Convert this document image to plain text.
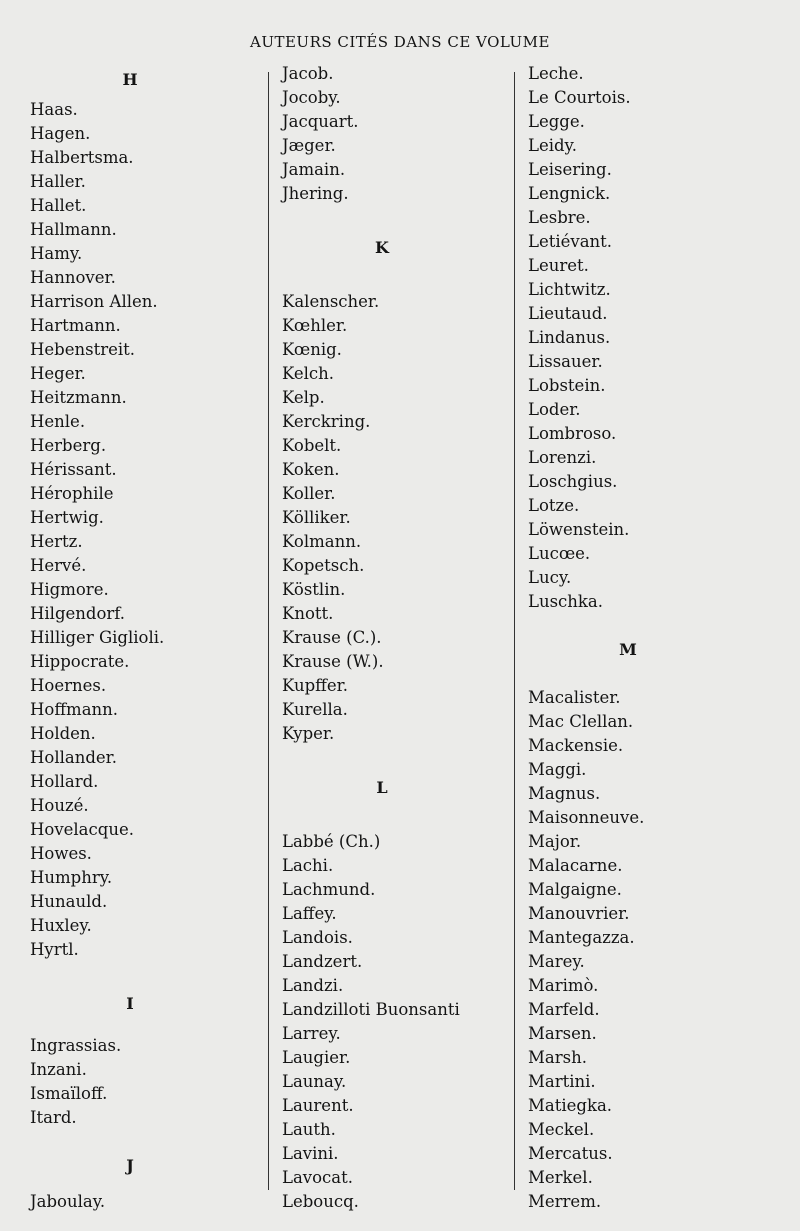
AUTEURS CITÉS DANS CE VOLUME
H
Haas.
Hagen.
Halbertsma.
Haller.
Hallet.
Hallmann.
Hamy.
Hannover.
Harrison Allen.
Hartmann.
Hebenstreit.
Heger.
Heitzmann.
Henle.
Herberg.
Hérissant.
Hérophile
Hertwig.
Hertz.
Hervé.
Higmore.
Hilgendorf.
Hilliger Giglioli.
Hippocrate.
Hoernes.
Hoffmann.
Holden.
Hollander.
Hollard.
Houzé.
Hovelacque.
Howes.
Humphry.
Hunauld.
Huxley.
Hyrtl.
I
Ingrassias.
Inzani.
Ismaïloff.
Itard.
J
Jaboulay.
Jacob.
Jocoby.
Jacquart.
Jæger.
Jamain.
Jhering.
K
Kalenscher.
Kœhler.
Kœnig.
Kelch.
Kelp.
Kerckring.
Kobelt.
Koken.
Koller.
Kölliker.
Kolmann.
Kopetsch.
Köstlin.
Knott.
Krause (C.).
Krause (W.).
Kupffer.
Kurella.
Kyper.
L
Labbé (Ch.)
Lachi.
Lachmund.
Laffey.
Landois.
Landzert.
Landzi.
Landzilloti Buonsanti
Larrey.
Laugier.
Launay.
Laurent.
Lauth.
Lavini.
Lavocat.
Leboucq.
Leche.
Le Courtois.
Legge.
Leidy.
Leisering.
Lengnick.
Lesbre.
Letiévant.
Leuret.
Lichtwitz.
Lieutaud.
Lindanus.
Lissauer.
Lobstein.
Loder.
Lombroso.
Lorenzi.
Loschgius.
Lotze.
Löwenstein.
Lucœe.
Lucy.
Luschka.
M
Macalister.
Mac Clellan.
Mackensie.
Maggi.
Magnus.
Maisonneuve.
Major.
Malacarne.
Malgaigne.
Manouvrier.
Mantegazza.
Marey.
Marimò.
Marfeld.
Marsen.
Marsh.
Martini.
Matiegka.
Meckel.
Mercatus.
Merkel.
Merrem.
